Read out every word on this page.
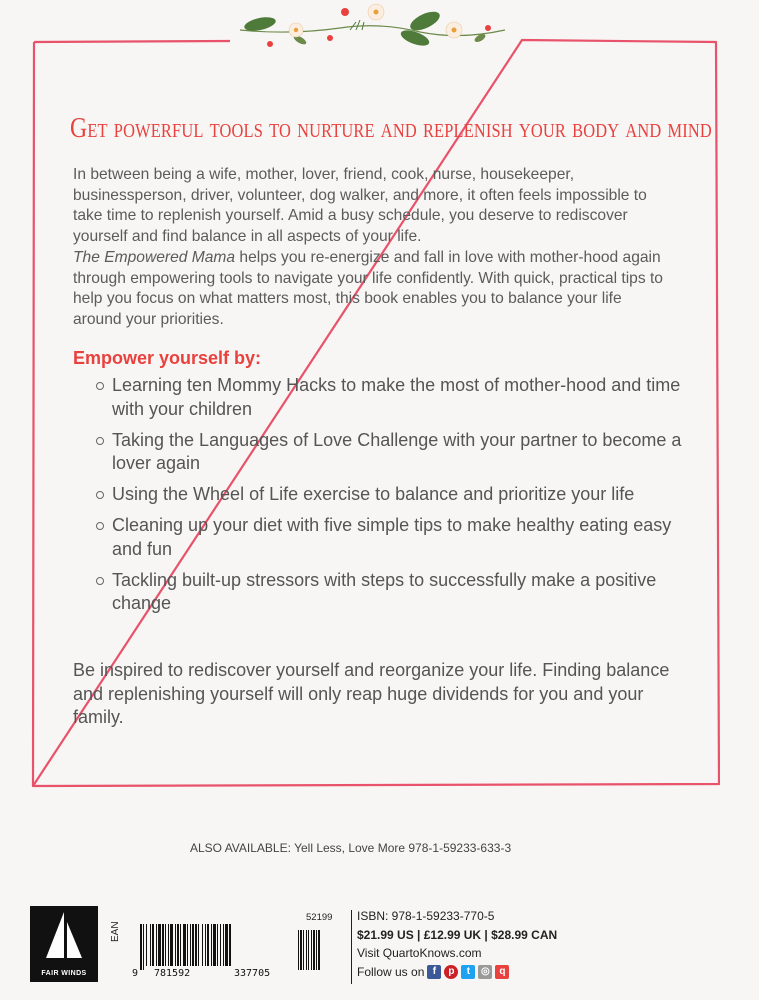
Get powerful tools to nurture and replenish your body and mind
In between being a wife, mother, lover, friend, cook, nurse, housekeeper, businessperson, driver, volunteer, dog walker, and more, it often feels impossible to take time to replenish yourself. Amid a busy schedule, you deserve to rediscover yourself and find balance in all aspects of your life.
The Empowered Mama helps you re-energize and fall in love with mother-hood again through empowering tools to navigate your life confidently. With quick, practical tips to help you focus on what matters most, this book enables you to balance your life around your priorities.
Empower yourself by:
Learning ten Mommy Hacks to make the most of mother-hood and time with your children
Taking the Languages of Love Challenge with your partner to become a lover again
Using the Wheel of Life exercise to balance and prioritize your life
Cleaning up your diet with five simple tips to make healthy eating easy and fun
Tackling built-up stressors with steps to successfully make a positive change
Be inspired to rediscover yourself and reorganize your life. Finding balance and replenishing yourself will only reap huge dividends for you and your family.
ALSO AVAILABLE: Yell Less, Love More 978-1-59233-633-3
FAIR WINDS
EAN
52199
9 781592	337705
ISBN: 978-1-59233-770-5
$21.99 US | £12.99 UK | $28.99 CAN
Visit QuartoKnows.com
Follow us on f	p	t	◎ q
